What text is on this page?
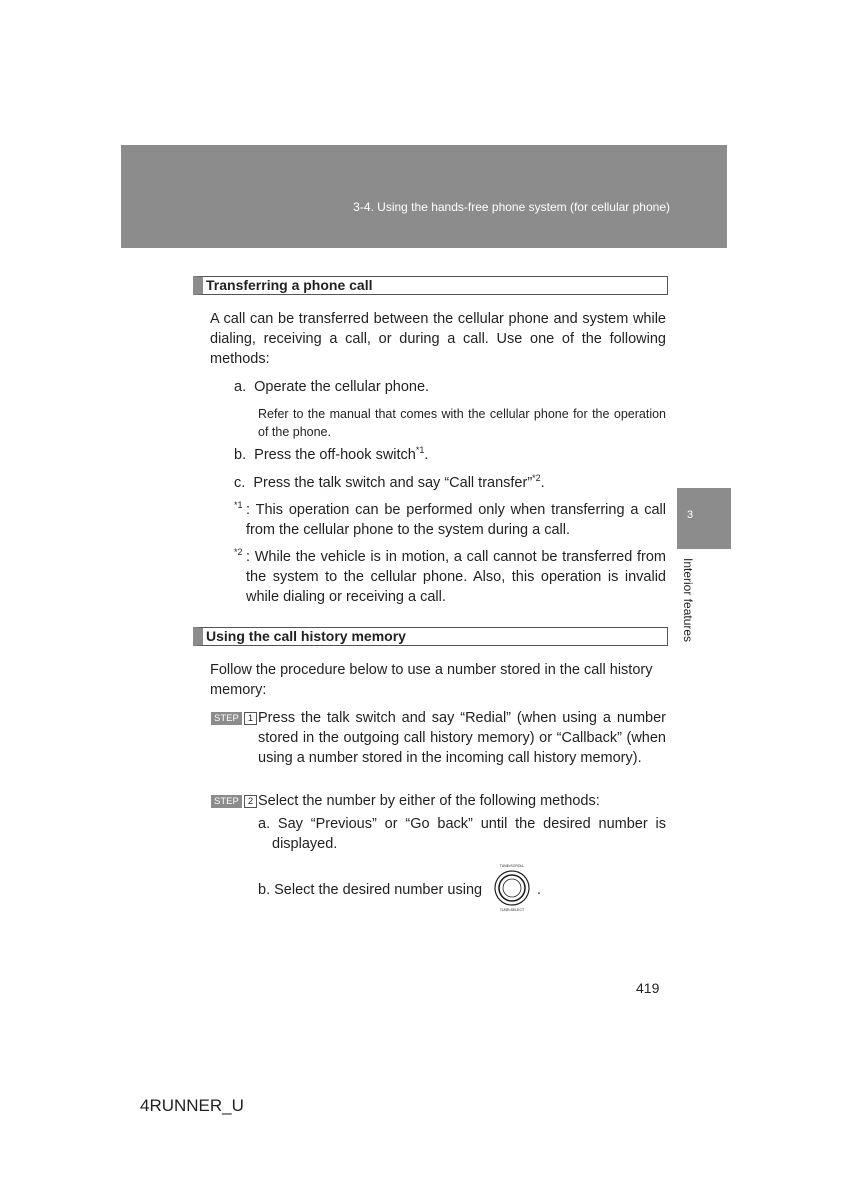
3-4. Using the hands-free phone system (for cellular phone)
3
Interior features
Transferring a phone call
A call can be transferred between the cellular phone and system while dialing, receiving a call, or during a call. Use one of the following methods:
a.  Operate the cellular phone.
Refer to the manual that comes with the cellular phone for the operation of the phone.
b.  Press the off-hook switch$^{*1}$.
c.  Press the talk switch and say “Call transfer”$^{*2}$.
$^{*1}$ : This operation can be performed only when transferring a call from the cellular phone to the system during a call.
$^{*2}$ : While the vehicle is in motion, a call cannot be transferred from the system to the cellular phone. Also, this operation is invalid while dialing or receiving a call.
Using the call history memory
Follow the procedure below to use a number stored in the call history memory:
STEP 1 Press the talk switch and say “Redial” (when using a number stored in the outgoing call history memory) or “Callback” (when using a number stored in the incoming call history memory).
STEP 2 Select the number by either of the following methods:
a. Say “Previous” or “Go back” until the desired number is displayed.
b. Select the desired number using
TUNE•SCROLL
TUNE•SELECT
.
419
4RUNNER_U
